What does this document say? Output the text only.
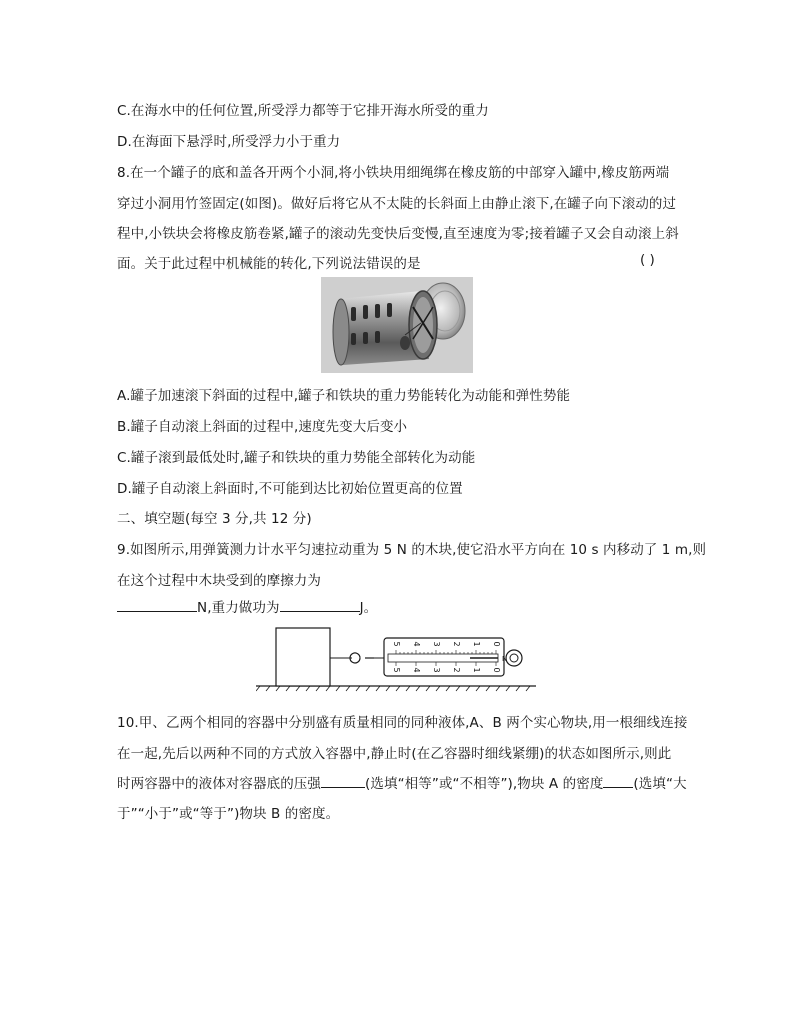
C.在海水中的任何位置,所受浮力都等于它排开海水所受的重力
D.在海面下悬浮时,所受浮力小于重力
8.在一个罐子的底和盖各开两个小洞,将小铁块用细绳绑在橡皮筋的中部穿入罐中,橡皮筋两端
穿过小洞用竹签固定(如图)。做好后将它从不太陡的长斜面上由静止滚下,在罐子向下滚动的过
程中,小铁块会将橡皮筋卷紧,罐子的滚动先变快后变慢,直至速度为零;接着罐子又会自动滚上斜
面。关于此过程中机械能的转化,下列说法错误的是	( )
A.罐子加速滚下斜面的过程中,罐子和铁块的重力势能转化为动能和弹性势能
B.罐子自动滚上斜面的过程中,速度先变大后变小
C.罐子滚到最低处时,罐子和铁块的重力势能全部转化为动能
D.罐子自动滚上斜面时,不可能到达比初始位置更高的位置
二、填空题(每空 3 分,共 12 分)
9.如图所示,用弹簧测力计水平匀速拉动重为 5 N 的木块,使它沿水平方向在 10 s 内移动了 1 m,则
在这个过程中木块受到的摩擦力为
N,重力做功为	J。
5 4 3 2 1 0
5 4 3 2 1 0
N
10.甲、乙两个相同的容器中分别盛有质量相同的同种液体,A、B 两个实心物块,用一根细线连接
在一起,先后以两种不同的方式放入容器中,静止时(在乙容器时细线紧绷)的状态如图所示,则此
时两容器中的液体对容器底的压强	(选填“相等”或“不相等”),物块 A 的密度 (选填“大
于”“小于”或“等于”)物块 B 的密度。
